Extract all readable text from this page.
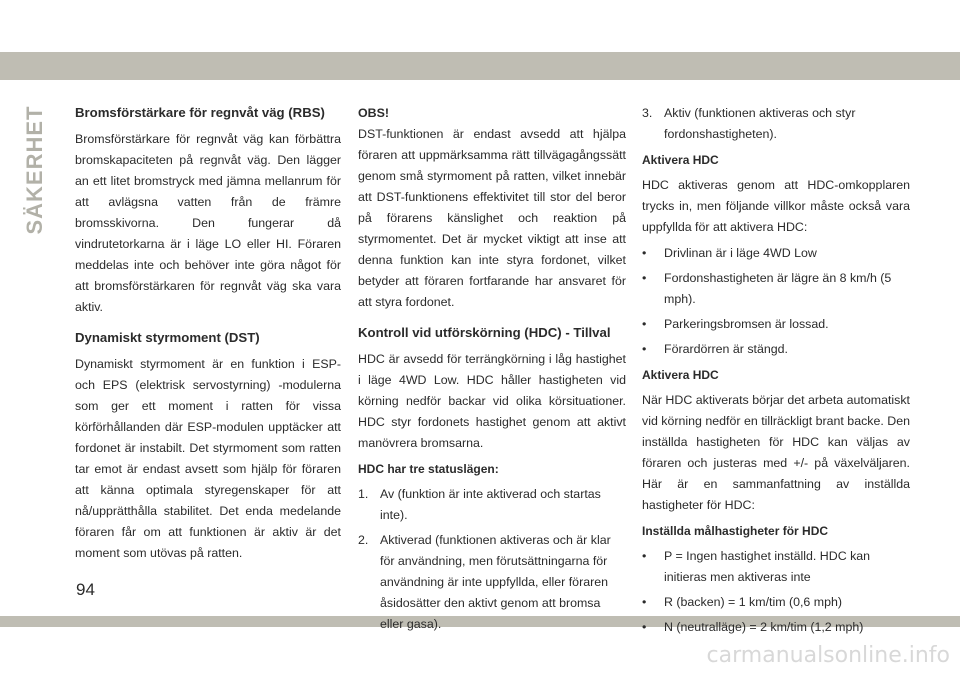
SÄKERHET Bromsförstärkare för regnvåt väg (RBS)

Bromsförstärkare för regnvåt väg kan förbättra bromskapaciteten på regnvåt väg. Den lägger an ett litet bromstryck med jämna mellanrum för att avlägsna vatten från de främre bromsskivorna. Den fungerar då vindrutetorkarna är i läge LO eller HI. Föraren meddelas inte och behöver inte göra något för att bromsförstärkaren för regnvåt väg ska vara aktiv.

Dynamiskt styrmoment (DST)

Dynamiskt styrmoment är en funktion i ESP- och EPS (elektrisk servostyrning) -modulerna som ger ett moment i ratten för vissa körförhållanden där ESP-modulen upptäcker att fordonet är instabilt. Det styrmoment som ratten tar emot är endast avsett som hjälp för föraren att känna optimala styregenskaper för att nå/upprätthålla stabilitet. Det enda medelande föraren får om att funktionen är aktiv är det moment som utövas på ratten.

OBS!

DST-funktionen är endast avsedd att hjälpa föraren att uppmärksamma rätt tillvägagångssätt genom små styrmoment på ratten, vilket innebär att DST-funktionens effektivitet till stor del beror på förarens känslighet och reaktion på styrmomentet. Det är mycket viktigt att inse att denna funktion kan inte styra fordonet, vilket betyder att föraren fortfarande har ansvaret för att styra fordonet.

Kontroll vid utförskörning (HDC) - Tillval

HDC är avsedd för terrängkörning i låg hastighet i läge 4WD Low. HDC håller hastigheten vid körning nedför backar vid olika körsituationer. HDC styr fordonets hastighet genom att aktivt manövrera bromsarna.

HDC har tre statuslägen:
1. Av (funktion är inte aktiverad och startas inte).
2. Aktiverad (funktionen aktiveras och är klar för användning, men förutsättningarna för användning är inte uppfyllda, eller föraren åsidosätter den aktivt genom att bromsa eller gasa).
3. Aktiv (funktionen aktiveras och styr fordonshastigheten).
Aktivera HDC

HDC aktiveras genom att HDC-omkopplaren trycks in, men följande villkor måste också vara uppfyllda för att aktivera HDC:

• Drivlinan är i läge 4WD Low
• Fordonshastigheten är lägre än 8 km/h (5 mph).
• Parkeringsbromsen är lossad.
• Förardörren är stängd.
Aktivera HDC

När HDC aktiverats börjar det arbeta automatiskt vid körning nedför en tillräckligt brant backe. Den inställda hastigheten för HDC kan väljas av föraren och justeras med +/- på växelväljaren. Här är en sammanfattning av inställda hastigheter för HDC:

Inställda målhastigheter för HDC
• P = Ingen hastighet inställd. HDC kan initieras men aktiveras inte
• R (backen) = 1 km/tim (0,6 mph)
• N (neutralläge) = 2 km/tim (1,2 mph)
94
carmanualsonline.info
